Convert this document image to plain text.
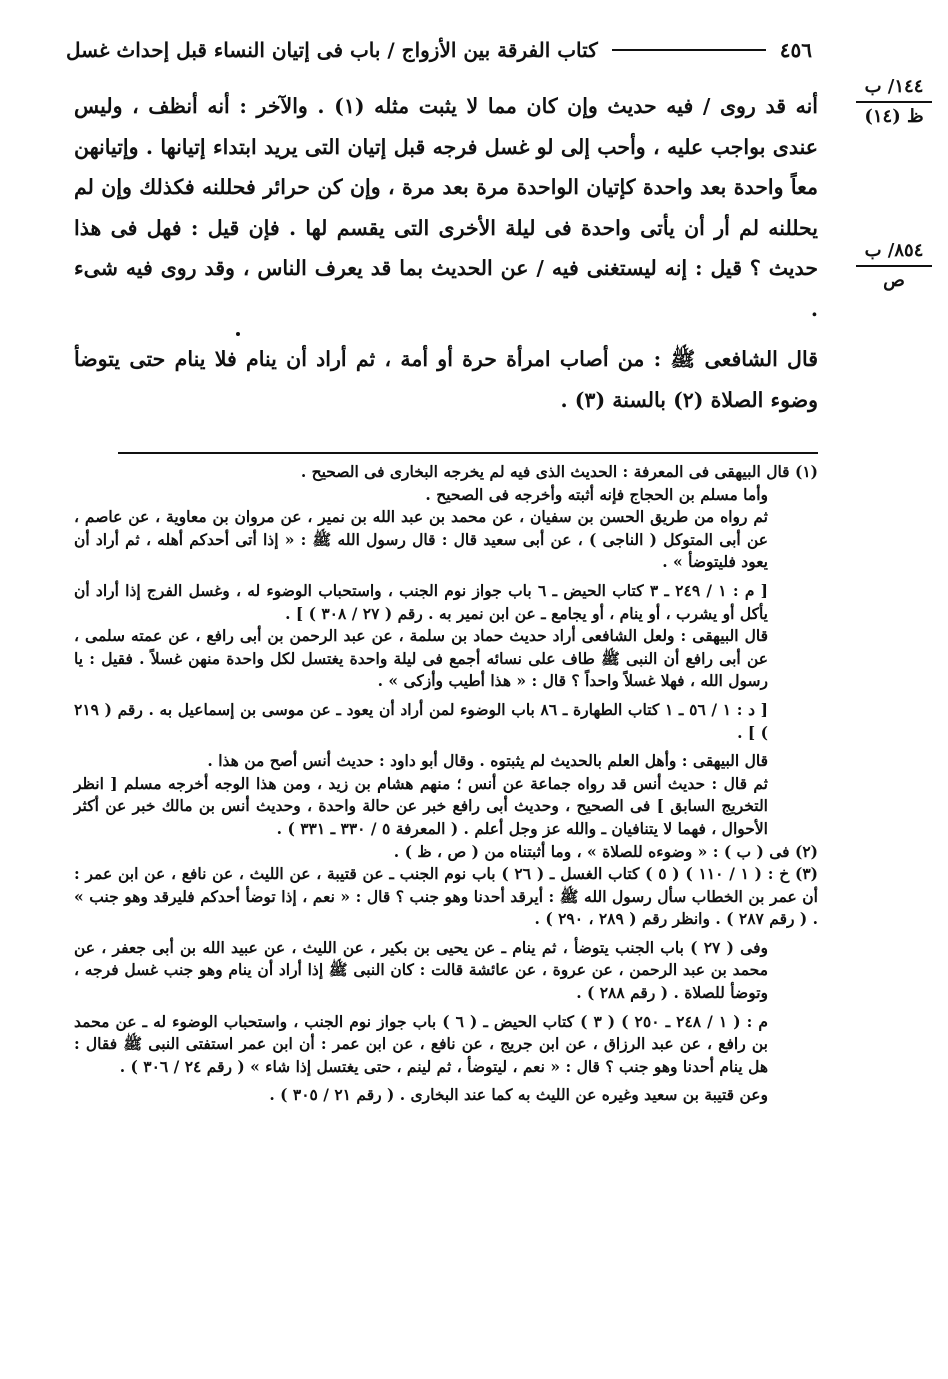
٤٥٦
كتاب الفرقة بين الأزواج / باب فى إتيان النساء قبل إحداث غسل
١٤٤/ ب
ظ (١٤)
٨٥٤/ ب
ص

أنه قد روى / فيه حديث وإن كان مما لا يثبت مثله (١) . والآخر : أنه أنظف ، وليس عندى بواجب عليه ، وأحب إلى لو غسل فرجه قبل إتيان التى يريد ابتداء إتيانها . وإتيانهن معاً واحدة بعد واحدة كإتيان الواحدة مرة بعد مرة ، وإن كن حرائر فحللنه فكذلك وإن لم يحللنه لم أر أن يأتى واحدة فى ليلة الأخرى التى يقسم لها . فإن قيل : فهل فى هذا حديث ؟ قيل : إنه ليستغنى فيه / عن الحديث بما قد يعرف الناس ، وقد روى فيه شىء .

قال الشافعى ﷺ : من أصاب امرأة حرة أو أمة ، ثم أراد أن ينام فلا ينام حتى يتوضأ وضوء الصلاة (٢) بالسنة (٣) .

(١) قال البيهقى فى المعرفة : الحديث الذى فيه لم يخرجه البخارى فى الصحيح .

وأما مسلم بن الحجاج فإنه أثبته وأخرجه فى الصحيح .

ثم رواه من طريق الحسن بن سفيان ، عن محمد بن عبد الله بن نمير ، عن مروان بن معاوية ، عن عاصم ، عن أبى المتوكل ( الناجى ) ، عن أبى سعيد قال : قال رسول الله ﷺ : « إذا أتى أحدكم أهله ، ثم أراد أن يعود فليتوضأ » .

[ م : ١ / ٢٤٩ ـ ٣ كتاب الحيض ـ ٦ باب جواز نوم الجنب ، واستحباب الوضوء له ، وغسل الفرج إذا أراد أن يأكل أو يشرب ، أو ينام ، أو يجامع ـ عن ابن نمير به . رقم ( ٢٧ / ٣٠٨ ) ] .

قال البيهقى : ولعل الشافعى أراد حديث حماد بن سلمة ، عن عبد الرحمن بن أبى رافع ، عن عمته سلمى ، عن أبى رافع أن النبى ﷺ طاف على نسائه أجمع فى ليلة واحدة يغتسل لكل واحدة منهن غسلاً . فقيل : يا رسول الله ، فهلا غسلاً واحداً ؟ قال : « هذا أطيب وأزكى » .

[ د : ١ / ٥٦ ـ ١ كتاب الطهارة ـ ٨٦ باب الوضوء لمن أراد أن يعود ـ عن موسى بن إسماعيل به . رقم ( ٢١٩ ) ] .

قال البيهقى : وأهل العلم بالحديث لم يثبتوه . وقال أبو داود : حديث أنس أصح من هذا .

ثم قال : حديث أنس قد رواه جماعة عن أنس ؛ منهم هشام بن زيد ، ومن هذا الوجه أخرجه مسلم [ انظر التخريج السابق ] فى الصحيح ، وحديث أبى رافع خبر عن حالة واحدة ، وحديث أنس بن مالك خبر عن أكثر الأحوال ، فهما لا يتنافيان ـ والله عز وجل أعلم . ( المعرفة ٥ / ٣٣٠ ـ ٣٣١ ) .

(٢) فى ( ب ) : « وضوءه للصلاة » ، وما أثبتناه من ( ص ، ظ ) .

(٣) خ : ( ١ / ١١٠ ) ( ٥ ) كتاب الغسل ـ ( ٢٦ ) باب نوم الجنب ـ عن قتيبة ، عن الليث ، عن نافع ، عن ابن عمر : أن عمر بن الخطاب سأل رسول الله ﷺ : أيرقد أحدنا وهو جنب ؟ قال : « نعم ، إذا توضأ أحدكم فليرقد وهو جنب » . ( رقم ٢٨٧ ) . وانظر رقم ( ٢٨٩ ، ٢٩٠ ) .

وفى ( ٢٧ ) باب الجنب يتوضأ ، ثم ينام ـ عن يحيى بن بكير ، عن الليث ، عن عبيد الله بن أبى جعفر ، عن محمد بن عبد الرحمن ، عن عروة ، عن عائشة قالت : كان النبى ﷺ إذا أراد أن ينام وهو جنب غسل فرجه ، وتوضأ للصلاة . ( رقم ٢٨٨ ) .

م : ( ١ / ٢٤٨ ـ ٢٥٠ ) ( ٣ ) كتاب الحيض ـ ( ٦ ) باب جواز نوم الجنب ، واستحباب الوضوء له ـ عن محمد بن رافع ، عن عبد الرزاق ، عن ابن جريج ، عن نافع ، عن ابن عمر : أن ابن عمر استفتى النبى ﷺ فقال : هل ينام أحدنا وهو جنب ؟ قال : « نعم ، ليتوضأ ، ثم لينم ، حتى يغتسل إذا شاء » ( رقم ٢٤ / ٣٠٦ ) .

وعن قتيبة بن سعيد وغيره عن الليث به كما عند البخارى . ( رقم ٢١ / ٣٠٥ ) .
